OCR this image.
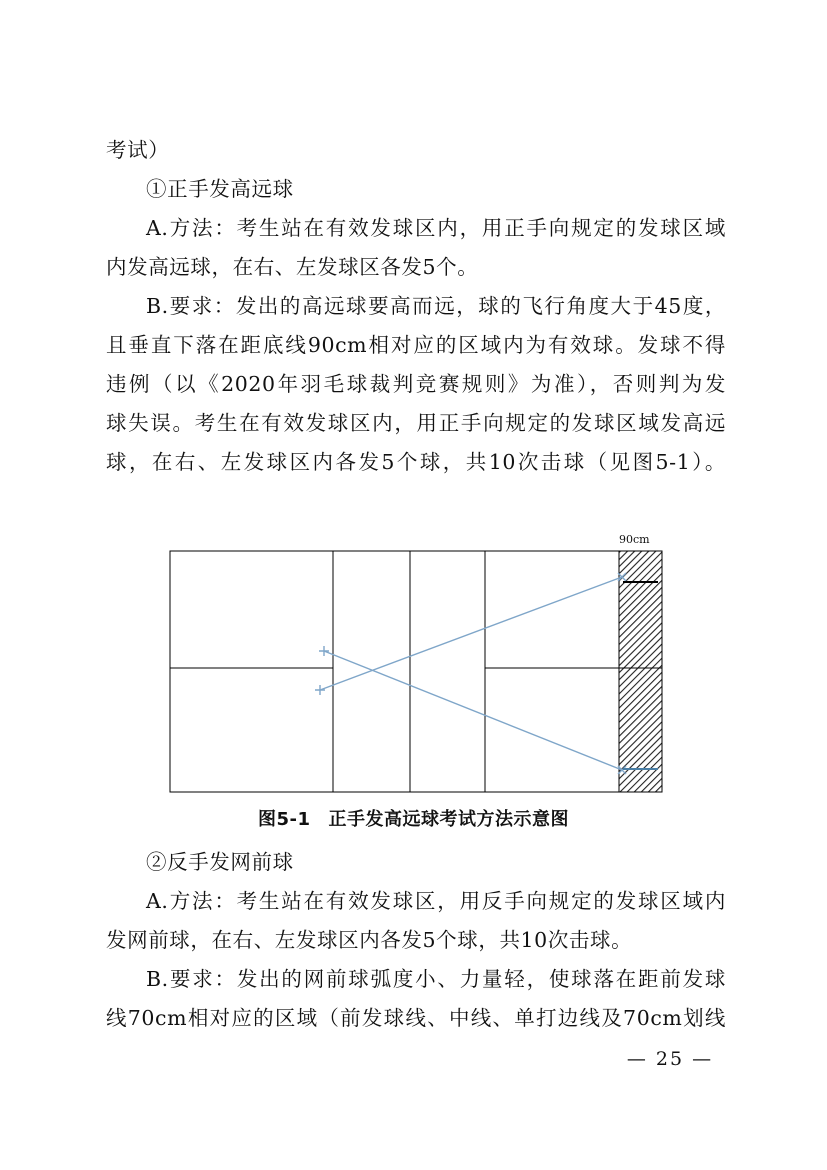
考试）
①正手发高远球
A.方法：考生站在有效发球区内，用正手向规定的发球区域
内发高远球，在右、左发球区各发5个。
B.要求：发出的高远球要高而远，球的飞行角度大于45度，
且垂直下落在距底线90cm相对应的区域内为有效球。发球不得
违例（以《2020年羽毛球裁判竞赛规则》为准），否则判为发
球失误。考生在有效发球区内，用正手向规定的发球区域发高远
球，在右、左发球区内各发5个球，共10次击球（见图5-1）。
90cm
图5-1 正手发高远球考试方法示意图
②反手发网前球
A.方法：考生站在有效发球区，用反手向规定的发球区域内
发网前球，在右、左发球区内各发5个球，共10次击球。
B.要求：发出的网前球弧度小、力量轻，使球落在距前发球
线70cm相对应的区域（前发球线、中线、单打边线及70cm划线
— 25 —
